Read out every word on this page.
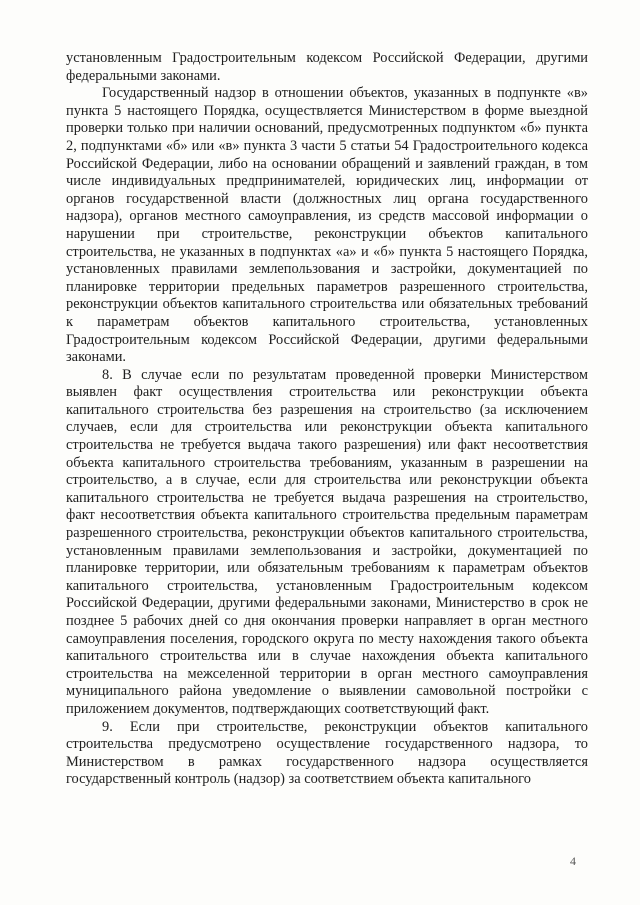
установленным Градостроительным кодексом Российской Федерации, другими федеральными законами.

Государственный надзор в отношении объектов, указанных в подпункте «в» пункта 5 настоящего Порядка, осуществляется Министерством в форме выездной проверки только при наличии оснований, предусмотренных подпунктом «б» пункта 2, подпунктами «б» или «в» пункта 3 части 5 статьи 54 Градостроительного кодекса Российской Федерации, либо на основании обращений и заявлений граждан, в том числе индивидуальных предпринимателей, юридических лиц, информации от органов государственной власти (должностных лиц органа государственного надзора), органов местного самоуправления, из средств массовой информации о нарушении при строительстве, реконструкции объектов капитального строительства, не указанных в подпунктах «а» и «б» пункта 5 настоящего Порядка, установленных правилами землепользования и застройки, документацией по планировке территории предельных параметров разрешенного строительства, реконструкции объектов капитального строительства или обязательных требований к параметрам объектов капитального строительства, установленных Градостроительным кодексом Российской Федерации, другими федеральными законами.

8. В случае если по результатам проведенной проверки Министерством выявлен факт осуществления строительства или реконструкции объекта капитального строительства без разрешения на строительство (за исключением случаев, если для строительства или реконструкции объекта капитального строительства не требуется выдача такого разрешения) или факт несоответствия объекта капитального строительства требованиям, указанным в разрешении на строительство, а в случае, если для строительства или реконструкции объекта капитального строительства не требуется выдача разрешения на строительство, факт несоответствия объекта капитального строительства предельным параметрам разрешенного строительства, реконструкции объектов капитального строительства, установленным правилами землепользования и застройки, документацией по планировке территории, или обязательным требованиям к параметрам объектов капитального строительства, установленным Градостроительным кодексом Российской Федерации, другими федеральными законами, Министерство в срок не позднее 5 рабочих дней со дня окончания проверки направляет в орган местного самоуправления поселения, городского округа по месту нахождения такого объекта капитального строительства или в случае нахождения объекта капитального строительства на межселенной территории в орган местного самоуправления муниципального района уведомление о выявлении самовольной постройки с приложением документов, подтверждающих соответствующий факт.

9. Если при строительстве, реконструкции объектов капитального строительства предусмотрено осуществление государственного надзора, то Министерством в рамках государственного надзора осуществляется государственный контроль (надзор) за соответствием объекта капитального

4
